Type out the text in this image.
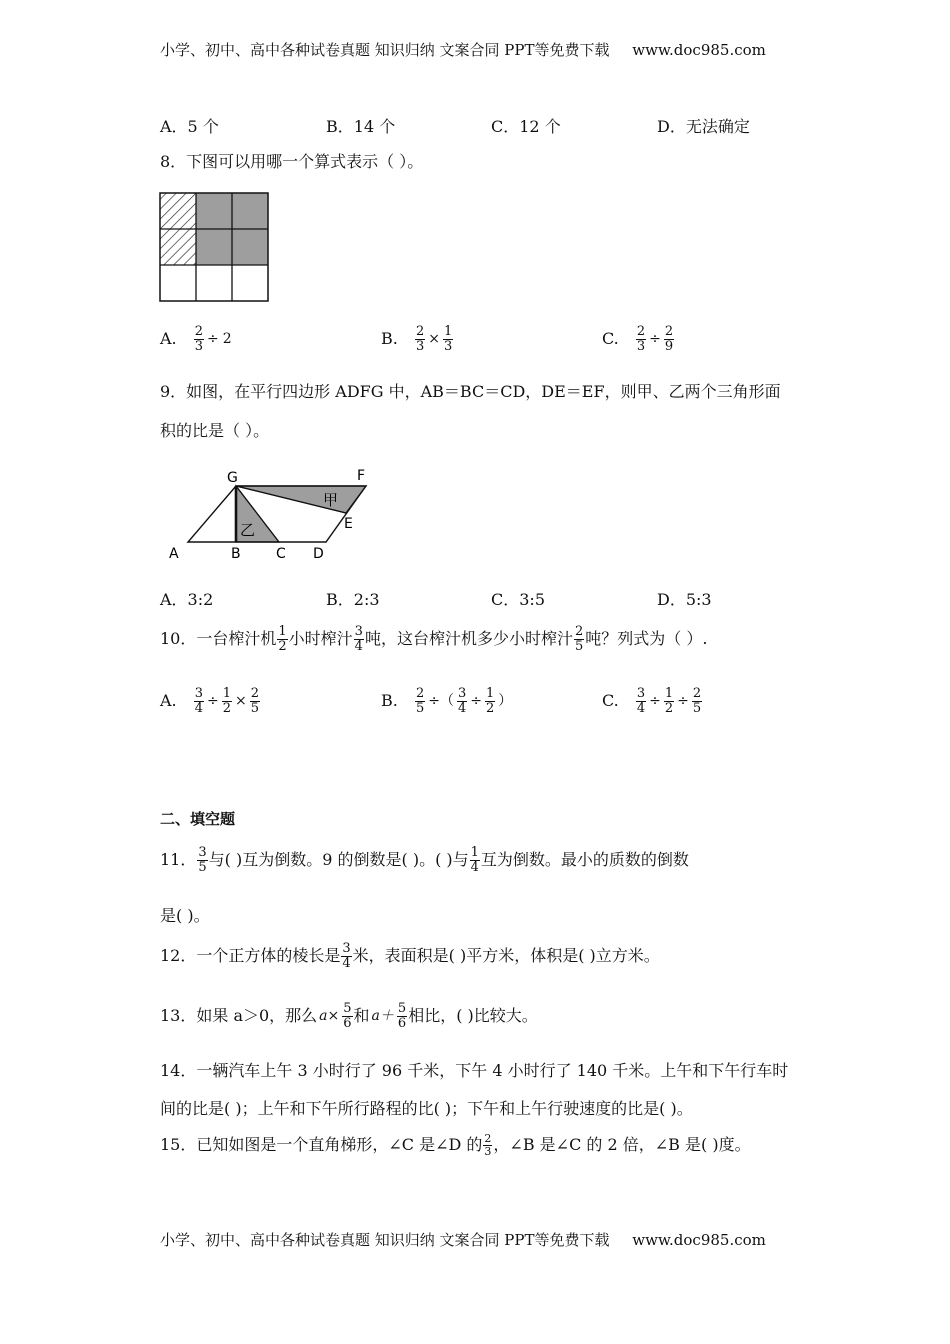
小学、初中、高中各种试卷真题 知识归纳 文案合同 PPT等免费下载 www.doc985.com
A．5 个	B．14 个	C．12 个	D．无法确定
8．下图可以用哪一个算式表示（ ）。
A. $\frac{2}{3} \div 2$	B. $\frac{2}{3} \times \frac{1}{3}$	C. $\frac{2}{3} \div \frac{2}{9}$
9．如图，在平行四边形 ADFG 中，AB＝BC＝CD，DE＝EF，则甲、乙两个三角形面
积的比是（ ）。
G	F
E
A	B	C D
甲
乙
A．3:2	B．2:3	C．3:5	D．5:3
10．一台榨汁机 $\frac{1}{2}$ 小时榨汁 $\frac{3}{4}$ 吨，这台榨汁机多少小时榨汁 $\frac{2}{5}$ 吨？列式为（ ）.
A. $\frac{3}{4} \div \frac{1}{2} \times \frac{2}{5}$	B. $\frac{2}{5}$ ÷（ $\frac{3}{4} \div \frac{1}{2}$ ）	C. $\frac{3}{4} \div \frac{1}{2} \div \frac{2}{5}$
二、填空题
11． $\frac{3}{5}$ 与( )互为倒数。9 的倒数是( )。( )与 $\frac{1}{4}$ 互为倒数。最小的质数的倒数
是( )。
12．一个正方体的棱长是 $\frac{3}{4}$ 米，表面积是( )平方米，体积是( )立方米。
13．如果 a＞0，那么 $a\times \frac{5}{6}$ 和 $a+ \frac{5}{6}$ 相比，( )比较大。
14．一辆汽车上午 3 小时行了 96 千米，下午 4 小时行了 140 千米。上午和下午行车时
间的比是( )；上午和下午所行路程的比( )；下午和上午行驶速度的比是( )。
15．已知如图是一个直角梯形，∠C 是∠D 的 $\frac{2}{3}$ ，∠B 是∠C 的 2 倍，∠B 是( )度。
小学、初中、高中各种试卷真题 知识归纳 文案合同 PPT等免费下载 www.doc985.com
